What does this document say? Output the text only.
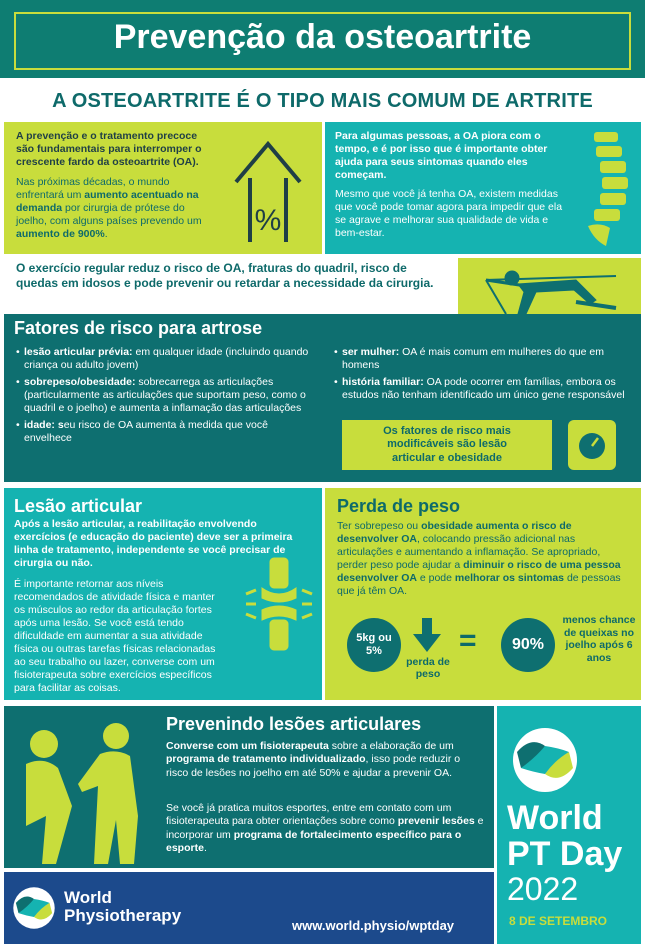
Prevenção da osteoartrite
A OSTEOARTRITE É O TIPO MAIS COMUM DE ARTRITE
A prevenção e o tratamento precoce são fundamentais para interromper o crescente fardo da osteoartrite (OA).
Nas próximas décadas, o mundo enfrentará um aumento acentuado na demanda por cirurgia de prótese do joelho, com alguns países prevendo um aumento de 900%.	%
Para algumas pessoas, a OA piora com o tempo, e é por isso que é importante obter ajuda para seus sintomas quando eles começam.
Mesmo que você já tenha OA, existem medidas que você pode tomar agora para impedir que ela se agrave e melhorar sua qualidade de vida e bem-estar.
O exercício regular reduz o risco de OA, fraturas do quadril, risco de quedas em idosos e pode prevenir ou retardar a necessidade da cirurgia.
Fatores de risco para artrose
• lesão articular prévia: em qualquer idade (incluindo quando criança ou adulto jovem)
• sobrepeso/obesidade: sobrecarrega as articulações (particularmente as articulações que suportam peso, como o quadril e o joelho) e aumenta a inflamação das articulações
• idade: seu risco de OA aumenta à medida que você envelhece
• ser mulher: OA é mais comum em mulheres do que em homens
• história familiar: OA pode ocorrer em famílias, embora os estudos não tenham identificado um único gene responsável
Os fatores de risco mais modificáveis são lesão articular e obesidade
Lesão articular
Após a lesão articular, a reabilitação envolvendo exercícios (e educação do paciente) deve ser a primeira linha de tratamento, independente se você precisar de cirurgia ou não.
É importante retornar aos níveis recomendados de atividade física e manter os músculos ao redor da articulação fortes após uma lesão. Se você está tendo dificuldade em aumentar a sua atividade física ou outras tarefas físicas relacionadas ao seu trabalho ou lazer, converse com um fisioterapeuta sobre exercícios específicos para facilitar as coisas.
Perda de peso
Ter sobrepeso ou obesidade aumenta o risco de desenvolver OA, colocando pressão adicional nas articulações e aumentando a inflamação. Se apropriado, perder peso pode ajudar a diminuir o risco de uma pessoa desenvolver OA e pode melhorar os sintomas de pessoas que já têm OA.
5kg ou 5%
perda de peso
=	90%
menos chance de queixas no joelho após 6 anos
Prevenindo lesões articulares
Converse com um fisioterapeuta sobre a elaboração de um programa de tratamento individualizado, isso pode reduzir o risco de lesões no joelho em até 50% e ajudar a prevenir OA.
Se você já pratica muitos esportes, entre em contato com um fisioterapeuta para obter orientações sobre como prevenir lesões e incorporar um programa de fortalecimento específico para o esporte.
World
PT Day
2022
8 DE SETEMBRO
World
Physiotherapy
www.world.physio/wptday
